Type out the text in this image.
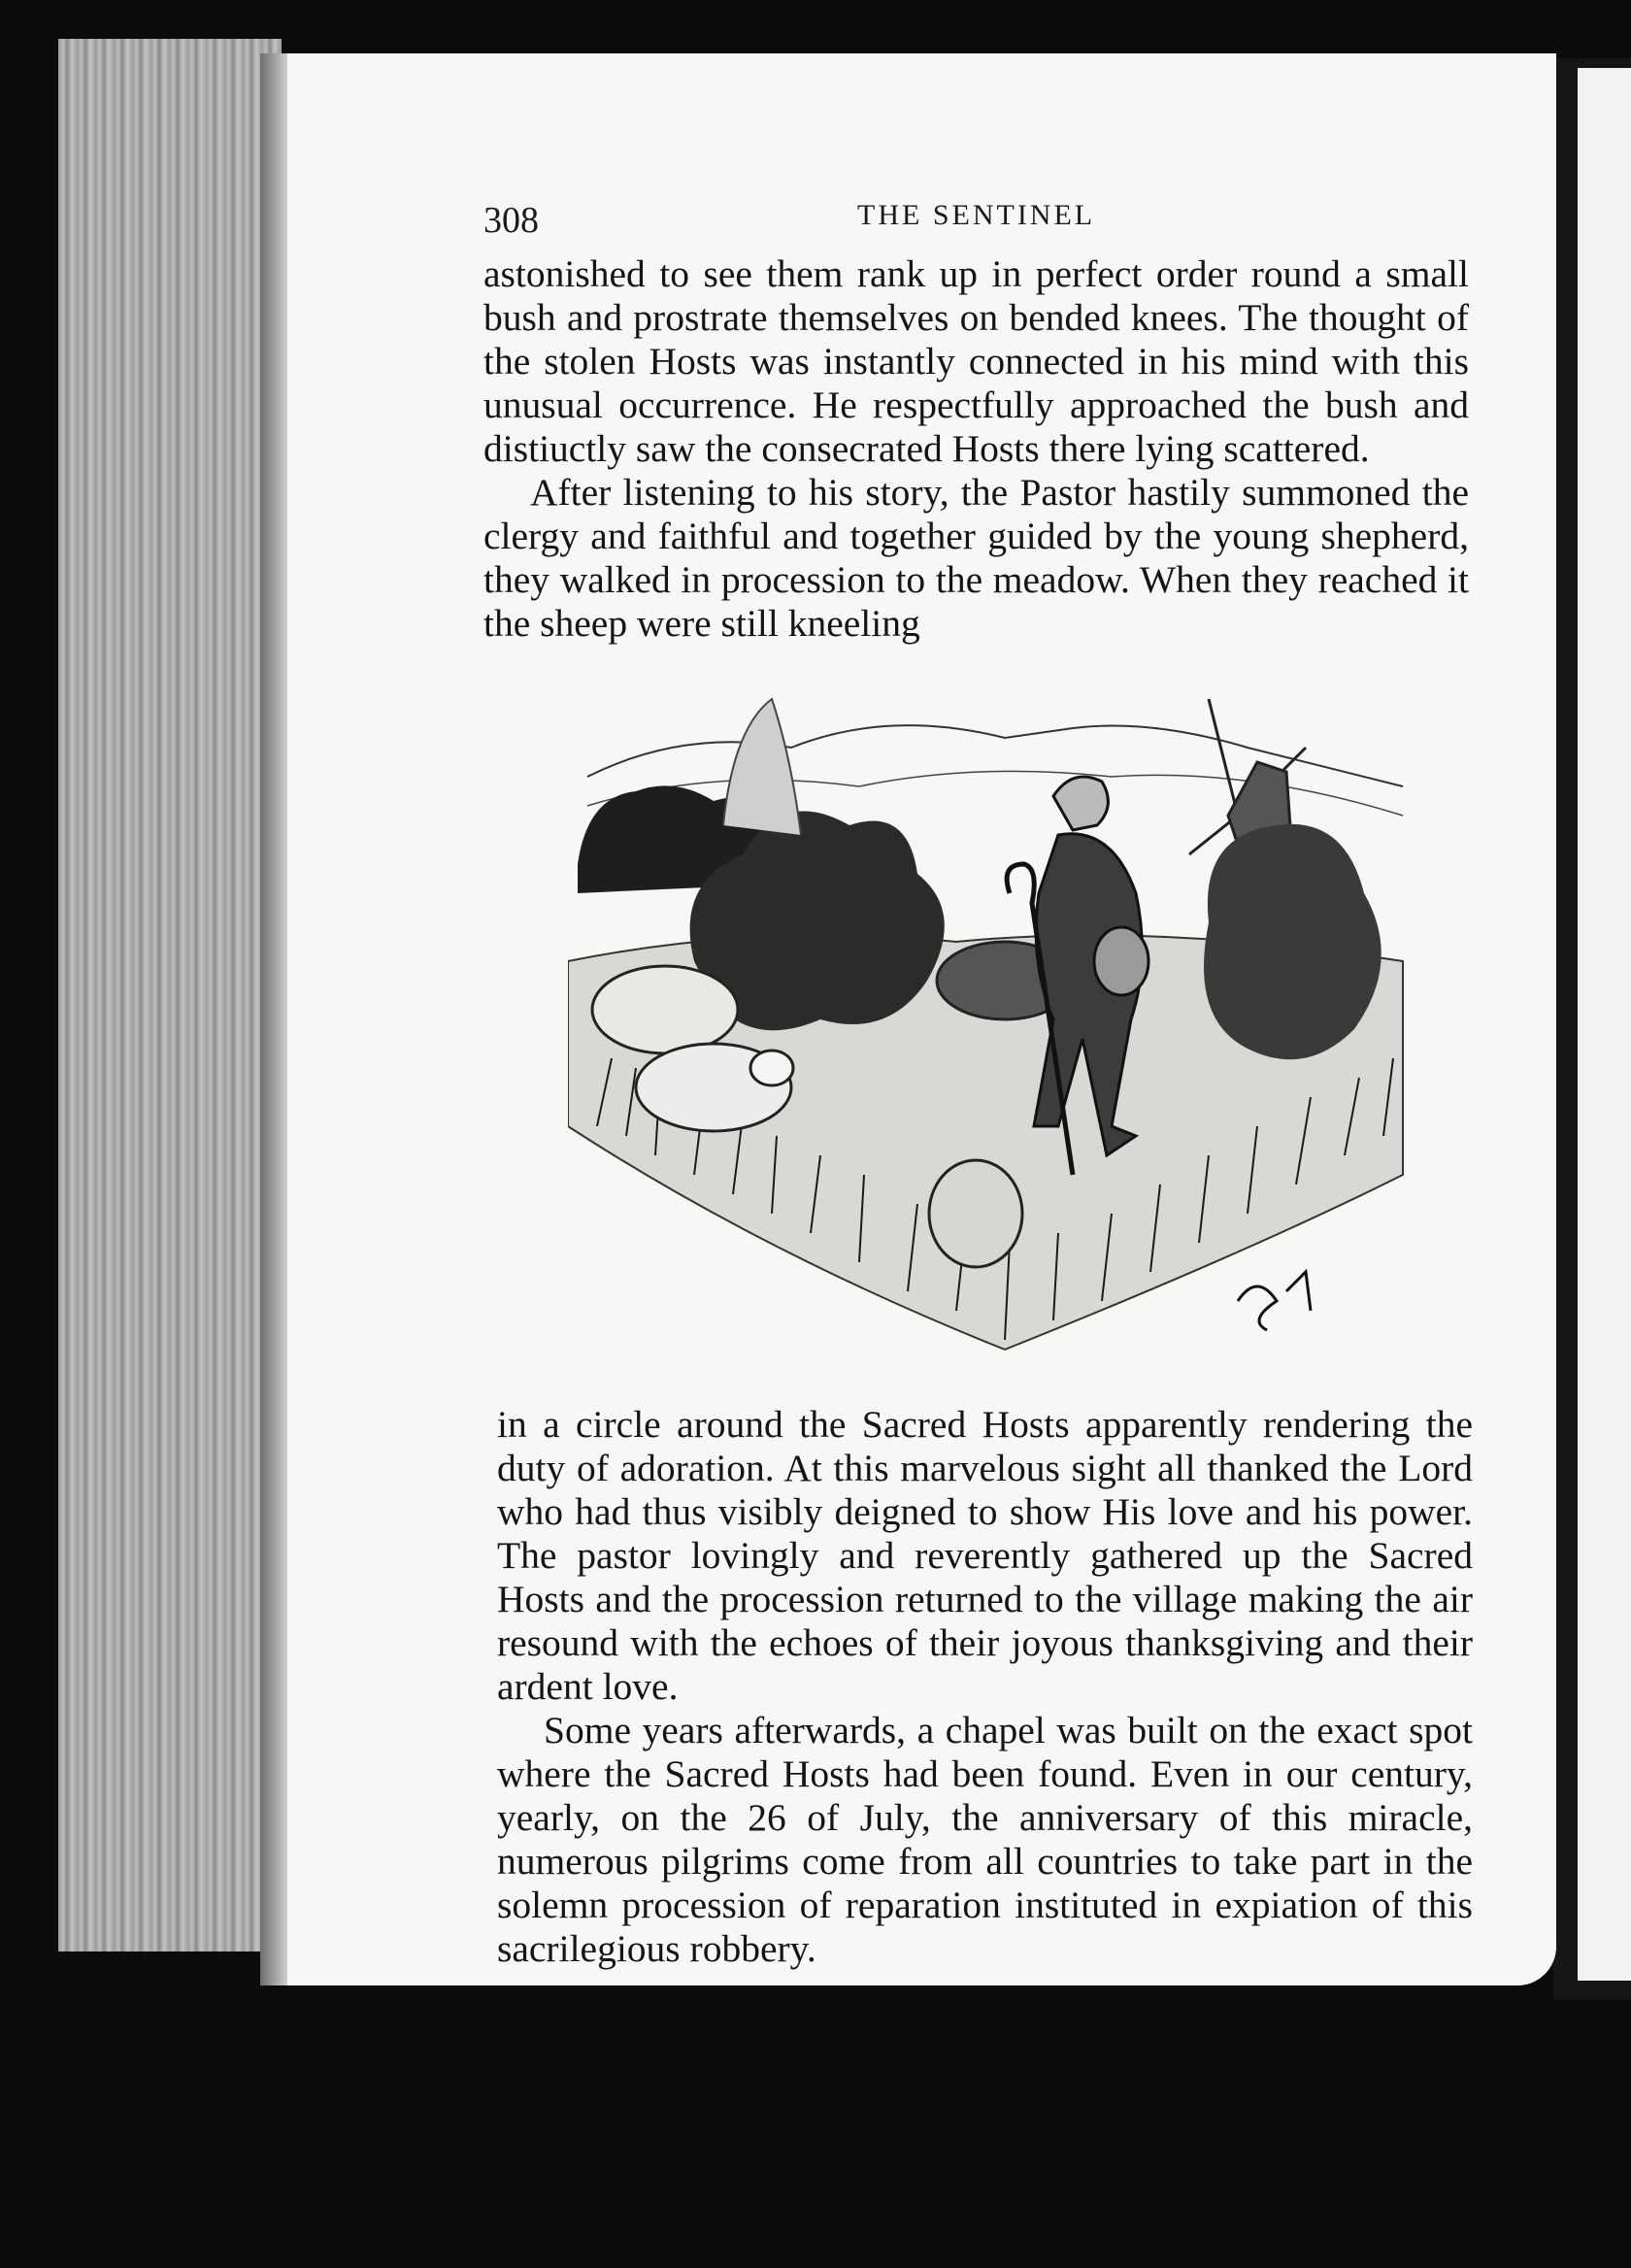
308	THE SENTINEL

astonished to see them rank up in perfect order round a small bush and prostrate themselves on bended knees. The thought of the stolen Hosts was instantly connected in his mind with this unusual occurrence. He respectfully approached the bush and distiuctly saw the consecrated Hosts there lying scattered.

After listening to his story, the Pastor hastily summoned the clergy and faithful and together guided by the young shepherd, they walked in procession to the meadow. When they reached it the sheep were still kneeling

in a circle around the Sacred Hosts apparently rendering the duty of adoration. At this marvelous sight all thanked the Lord who had thus visibly deigned to show His love and his power. The pastor lovingly and reverently gathered up the Sacred Hosts and the procession returned to the village making the air resound with the echoes of their joyous thanksgiving and their ardent love.

Some years afterwards, a chapel was built on the exact spot where the Sacred Hosts had been found. Even in our century, yearly, on the 26 of July, the anniversary of this miracle, numerous pilgrims come from all countries to take part in the solemn procession of reparation instituted in expiation of this sacrilegious robbery.
